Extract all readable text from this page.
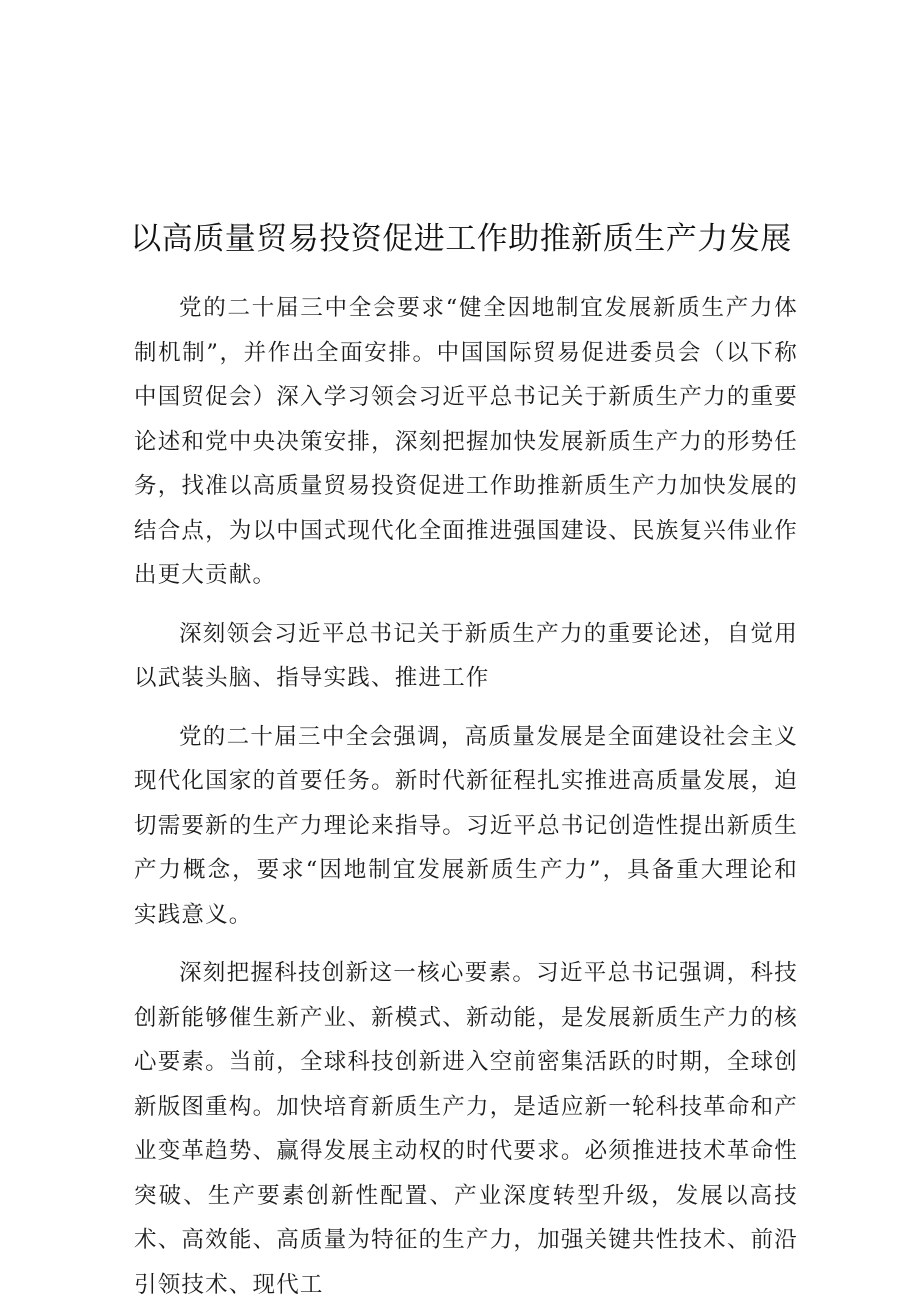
以高质量贸易投资促进工作助推新质生产力发展

党的二十届三中全会要求“健全因地制宜发展新质生产力体制机制”，并作出全面安排。中国国际贸易促进委员会（以下称中国贸促会）深入学习领会习近平总书记关于新质生产力的重要论述和党中央决策安排，深刻把握加快发展新质生产力的形势任务，找准以高质量贸易投资促进工作助推新质生产力加快发展的结合点，为以中国式现代化全面推进强国建设、民族复兴伟业作出更大贡献。

深刻领会习近平总书记关于新质生产力的重要论述，自觉用以武装头脑、指导实践、推进工作

党的二十届三中全会强调，高质量发展是全面建设社会主义现代化国家的首要任务。新时代新征程扎实推进高质量发展，迫切需要新的生产力理论来指导。习近平总书记创造性提出新质生产力概念，要求“因地制宜发展新质生产力”，具备重大理论和实践意义。

深刻把握科技创新这一核心要素。习近平总书记强调，科技创新能够催生新产业、新模式、新动能，是发展新质生产力的核心要素。当前，全球科技创新进入空前密集活跃的时期，全球创新版图重构。加快培育新质生产力，是适应新一轮科技革命和产业变革趋势、赢得发展主动权的时代要求。必须推进技术革命性突破、生产要素创新性配置、产业深度转型升级，发展以高技术、高效能、高质量为特征的生产力，加强关键共性技术、前沿引领技术、现代工
